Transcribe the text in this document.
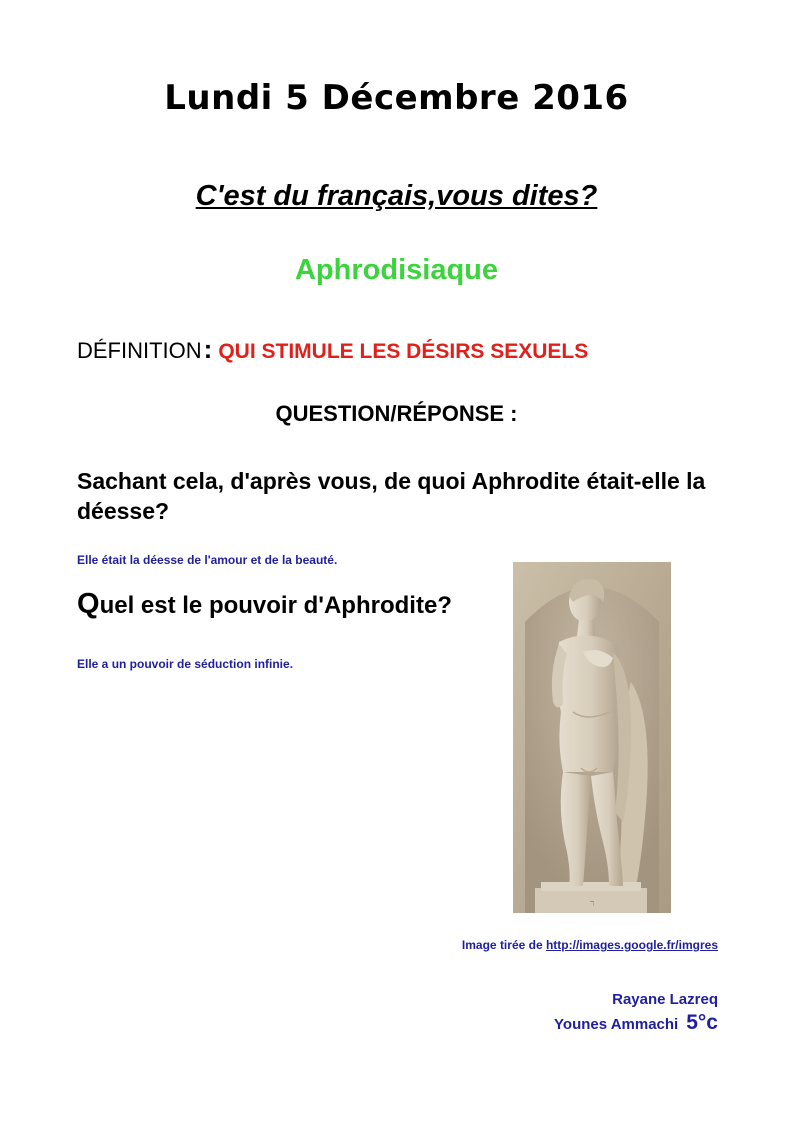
Lundi 5 Décembre 2016
C'est du français,vous dites?
Aphrodisiaque
DÉFINITION: QUI STIMULE LES DÉSIRS SEXUELS
QUESTION/RÉPONSE :
Sachant cela, d'après vous, de quoi Aphrodite était-elle la déesse?
Elle était la déesse de l'amour et de la beauté.
Quel est le pouvoir d'Aphrodite?
Elle a un pouvoir de séduction infinie.
ℸ
Image tirée de http://images.google.fr/imgres
Rayane Lazreq
Younes Ammachi 5°c
